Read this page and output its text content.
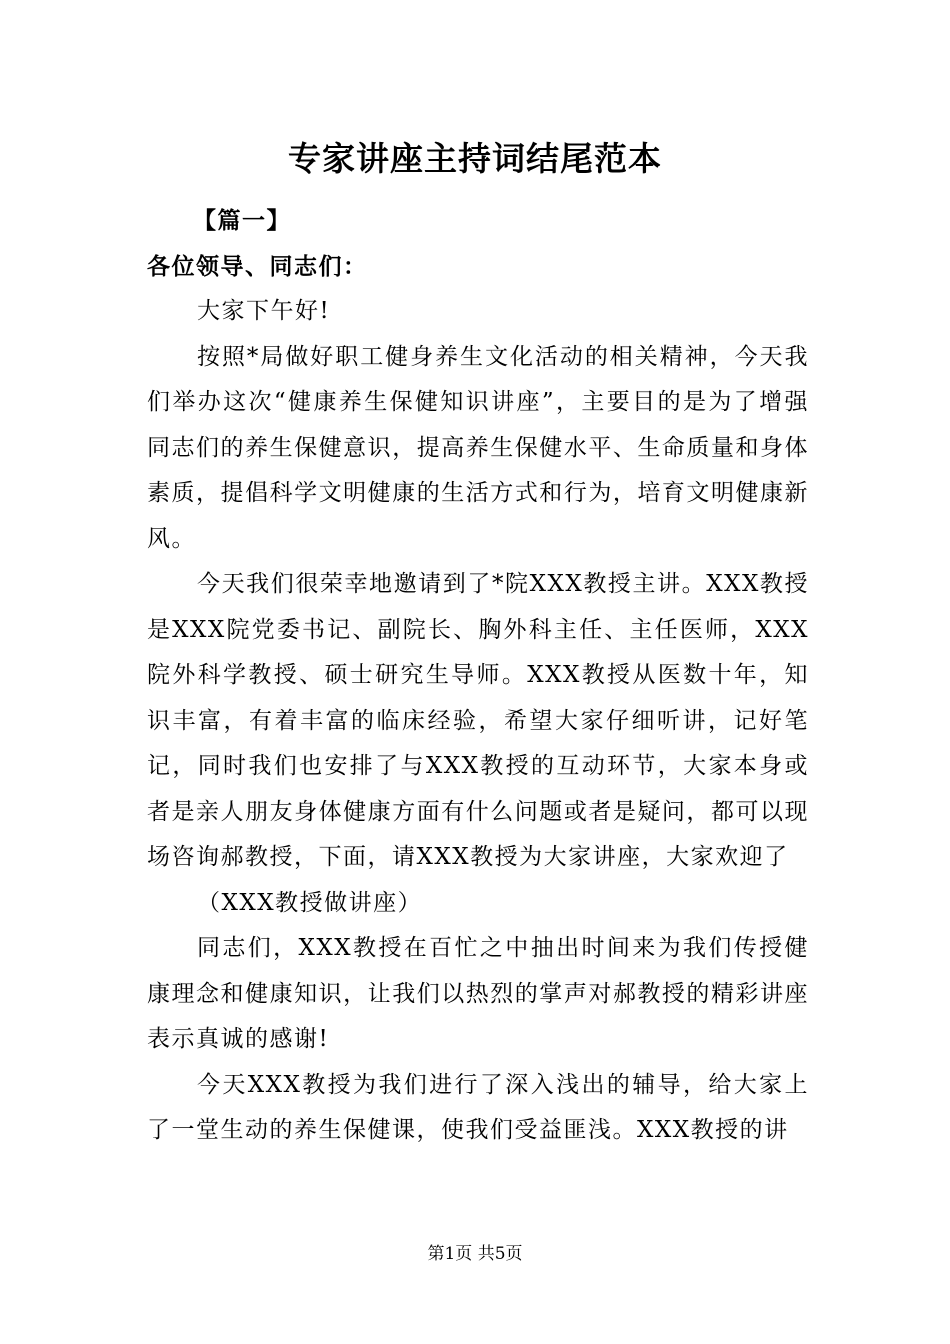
专家讲座主持词结尾范本

【篇一】

各位领导、同志们：

大家下午好!

按照*局做好职工健身养生文化活动的相关精神，今天我们举办这次“健康养生保健知识讲座”，主要目的是为了增强同志们的养生保健意识，提高养生保健水平、生命质量和身体素质，提倡科学文明健康的生活方式和行为，培育文明健康新风。

今天我们很荣幸地邀请到了*院XXX教授主讲。XXX教授是XXX院党委书记、副院长、胸外科主任、主任医师，XXX院外科学教授、硕士研究生导师。XXX教授从医数十年，知识丰富，有着丰富的临床经验，希望大家仔细听讲，记好笔记，同时我们也安排了与XXX教授的互动环节，大家本身或者是亲人朋友身体健康方面有什么问题或者是疑问，都可以现场咨询郝教授，下面，请XXX教授为大家讲座，大家欢迎了

（XXX教授做讲座）

同志们，XXX教授在百忙之中抽出时间来为我们传授健康理念和健康知识，让我们以热烈的掌声对郝教授的精彩讲座表示真诚的感谢!

今天XXX教授为我们进行了深入浅出的辅导，给大家上了一堂生动的养生保健课，使我们受益匪浅。XXX教授的讲

第1页 共5页
